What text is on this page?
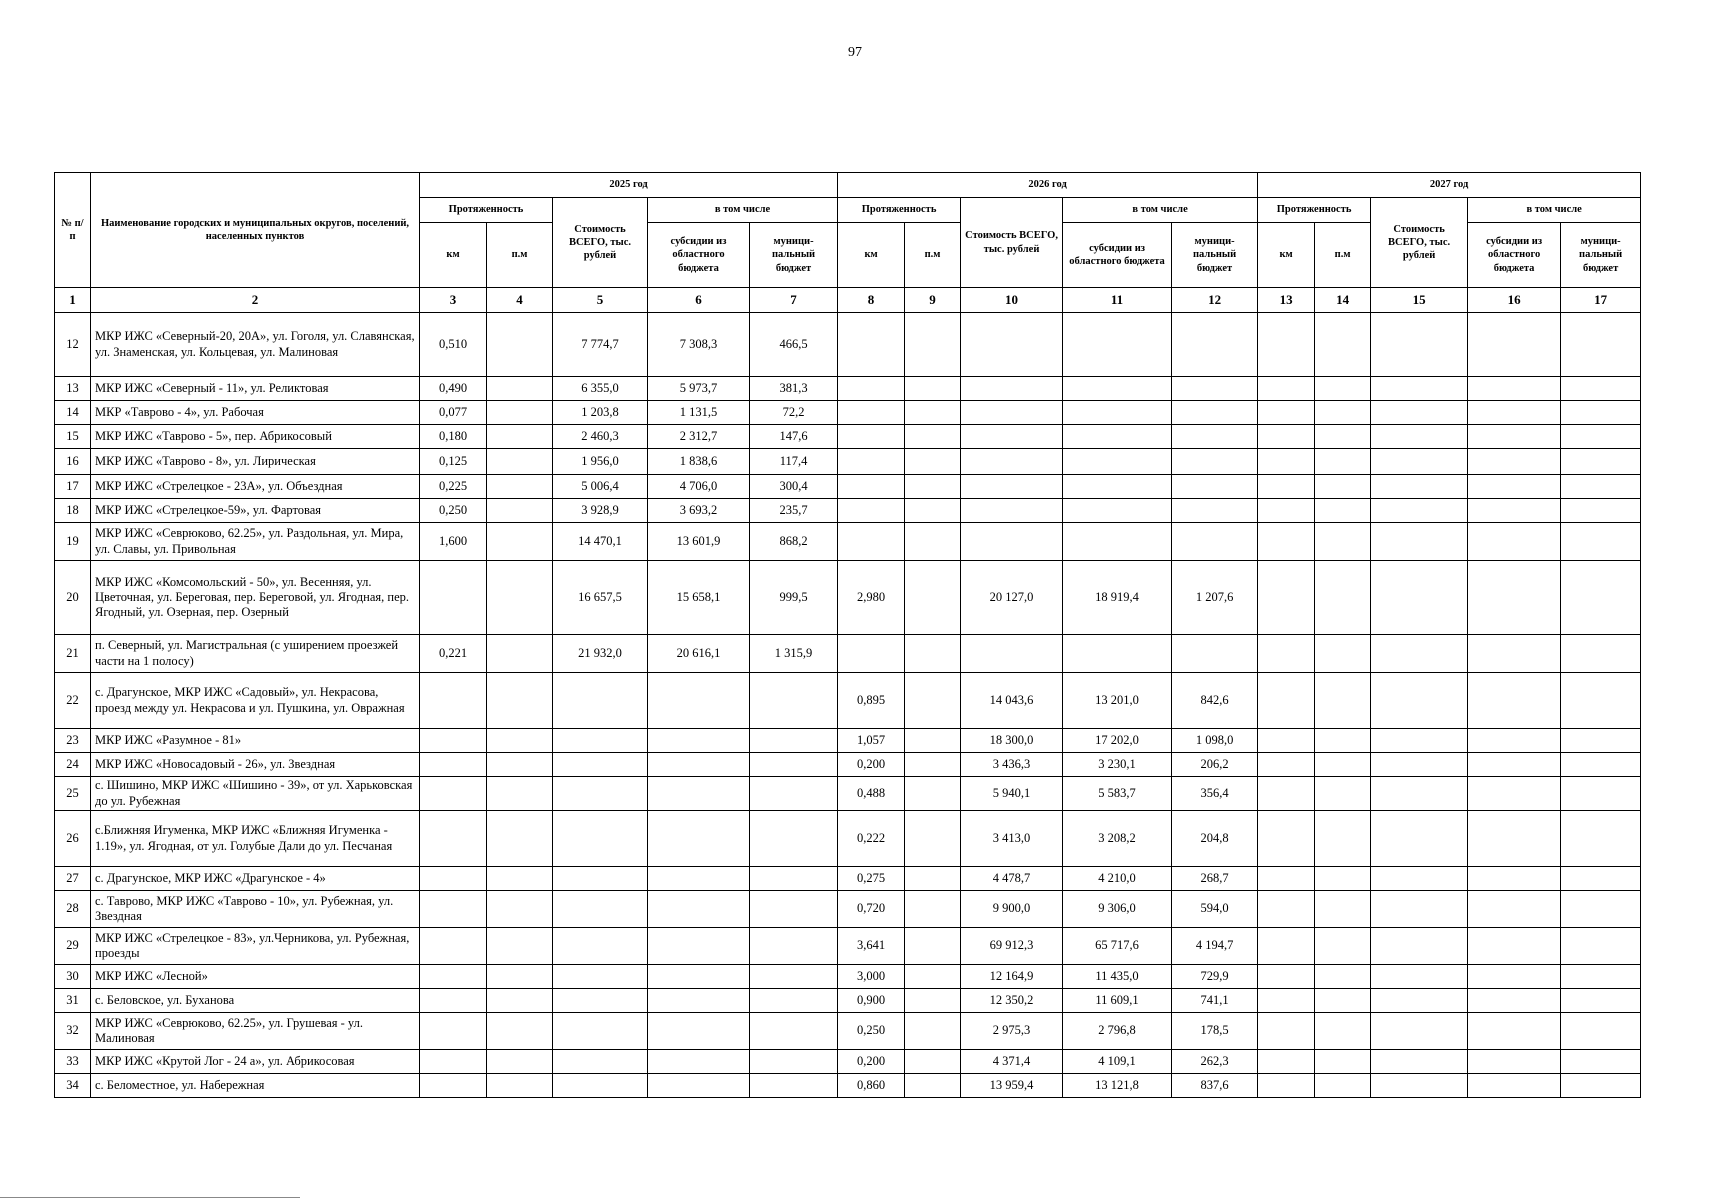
97
№ п/п	Наименование городских и муниципальных округов, поселений, населенных пунктов	2025 год					2026 год					2027 год				
		Протяженность		Стоимость ВСЕГО, тыс. рублей	в том числе		Протяженность		Стоимость ВСЕГО, тыс. рублей	в том числе		Протяженность		Стоимость ВСЕГО, тыс. рублей	в том числе	
		км	п.м		субсидии из областного бюджета	муници-пальный бюджет	км	п.м		субсидии из областного бюджета	муници-пальный бюджет	км	п.м		субсидии из областного бюджета	муници-пальный бюджет
1	2	3	4	5	6	7	8	9	10	11	12	13	14	15	16	17
12	МКР ИЖС «Северный-20, 20А», ул. Гоголя, ул. Славянская, ул. Знаменская, ул. Кольцевая, ул. Малиновая	0,510		7 774,7	7 308,3	466,5										
13	МКР ИЖС «Северный - 11», ул. Реликтовая	0,490		6 355,0	5 973,7	381,3										
14	МКР «Таврово - 4», ул. Рабочая	0,077		1 203,8	1 131,5	72,2										
15	МКР ИЖС «Таврово - 5», пер. Абрикосовый	0,180		2 460,3	2 312,7	147,6										
16	МКР ИЖС «Таврово - 8», ул. Лирическая	0,125		1 956,0	1 838,6	117,4										
17	МКР ИЖС «Стрелецкое - 23А», ул. Объездная	0,225		5 006,4	4 706,0	300,4										
18	МКР ИЖС «Стрелецкое-59», ул. Фартовая	0,250		3 928,9	3 693,2	235,7										
19	МКР ИЖС «Севрюково, 62.25», ул. Раздольная, ул. Мира, ул. Славы, ул. Привольная	1,600		14 470,1	13 601,9	868,2										
20	МКР ИЖС «Комсомольский - 50», ул. Весенняя, ул. Цветочная, ул. Береговая, пер. Береговой, ул. Ягодная, пер. Ягодный, ул. Озерная, пер. Озерный			16 657,5	15 658,1	999,5	2,980		20 127,0	18 919,4	1 207,6					
21	п. Северный, ул. Магистральная (с уширением проезжей части на 1 полосу)	0,221		21 932,0	20 616,1	1 315,9										
22	с. Драгунское, МКР ИЖС «Садовый», ул. Некрасова, проезд между ул. Некрасова и ул. Пушкина, ул. Овражная						0,895		14 043,6	13 201,0	842,6					
23	МКР ИЖС «Разумное - 81»						1,057		18 300,0	17 202,0	1 098,0					
24	МКР ИЖС «Новосадовый - 26», ул. Звездная						0,200		3 436,3	3 230,1	206,2					
25	с. Шишино, МКР ИЖС «Шишино - 39», от ул. Харьковская до ул. Рубежная						0,488		5 940,1	5 583,7	356,4					
26	с.Ближняя Игуменка, МКР ИЖС «Ближняя Игуменка - 1.19», ул. Ягодная, от ул. Голубые Дали до ул. Песчаная						0,222		3 413,0	3 208,2	204,8					
27	с. Драгунское, МКР ИЖС «Драгунское - 4»						0,275		4 478,7	4 210,0	268,7					
28	с. Таврово, МКР ИЖС «Таврово - 10», ул. Рубежная, ул. Звездная						0,720		9 900,0	9 306,0	594,0					
29	МКР ИЖС «Стрелецкое - 83», ул.Черникова, ул. Рубежная, проезды						3,641		69 912,3	65 717,6	4 194,7					
30	МКР ИЖС «Лесной»						3,000		12 164,9	11 435,0	729,9					
31	с. Беловское, ул. Буханова						0,900		12 350,2	11 609,1	741,1					
32	МКР ИЖС «Севрюково, 62.25», ул. Грушевая - ул. Малиновая						0,250		2 975,3	2 796,8	178,5					
33	МКР ИЖС «Крутой Лог - 24 а», ул. Абрикосовая						0,200		4 371,4	4 109,1	262,3					
34	с. Беломестное, ул. Набережная						0,860		13 959,4	13 121,8	837,6					
